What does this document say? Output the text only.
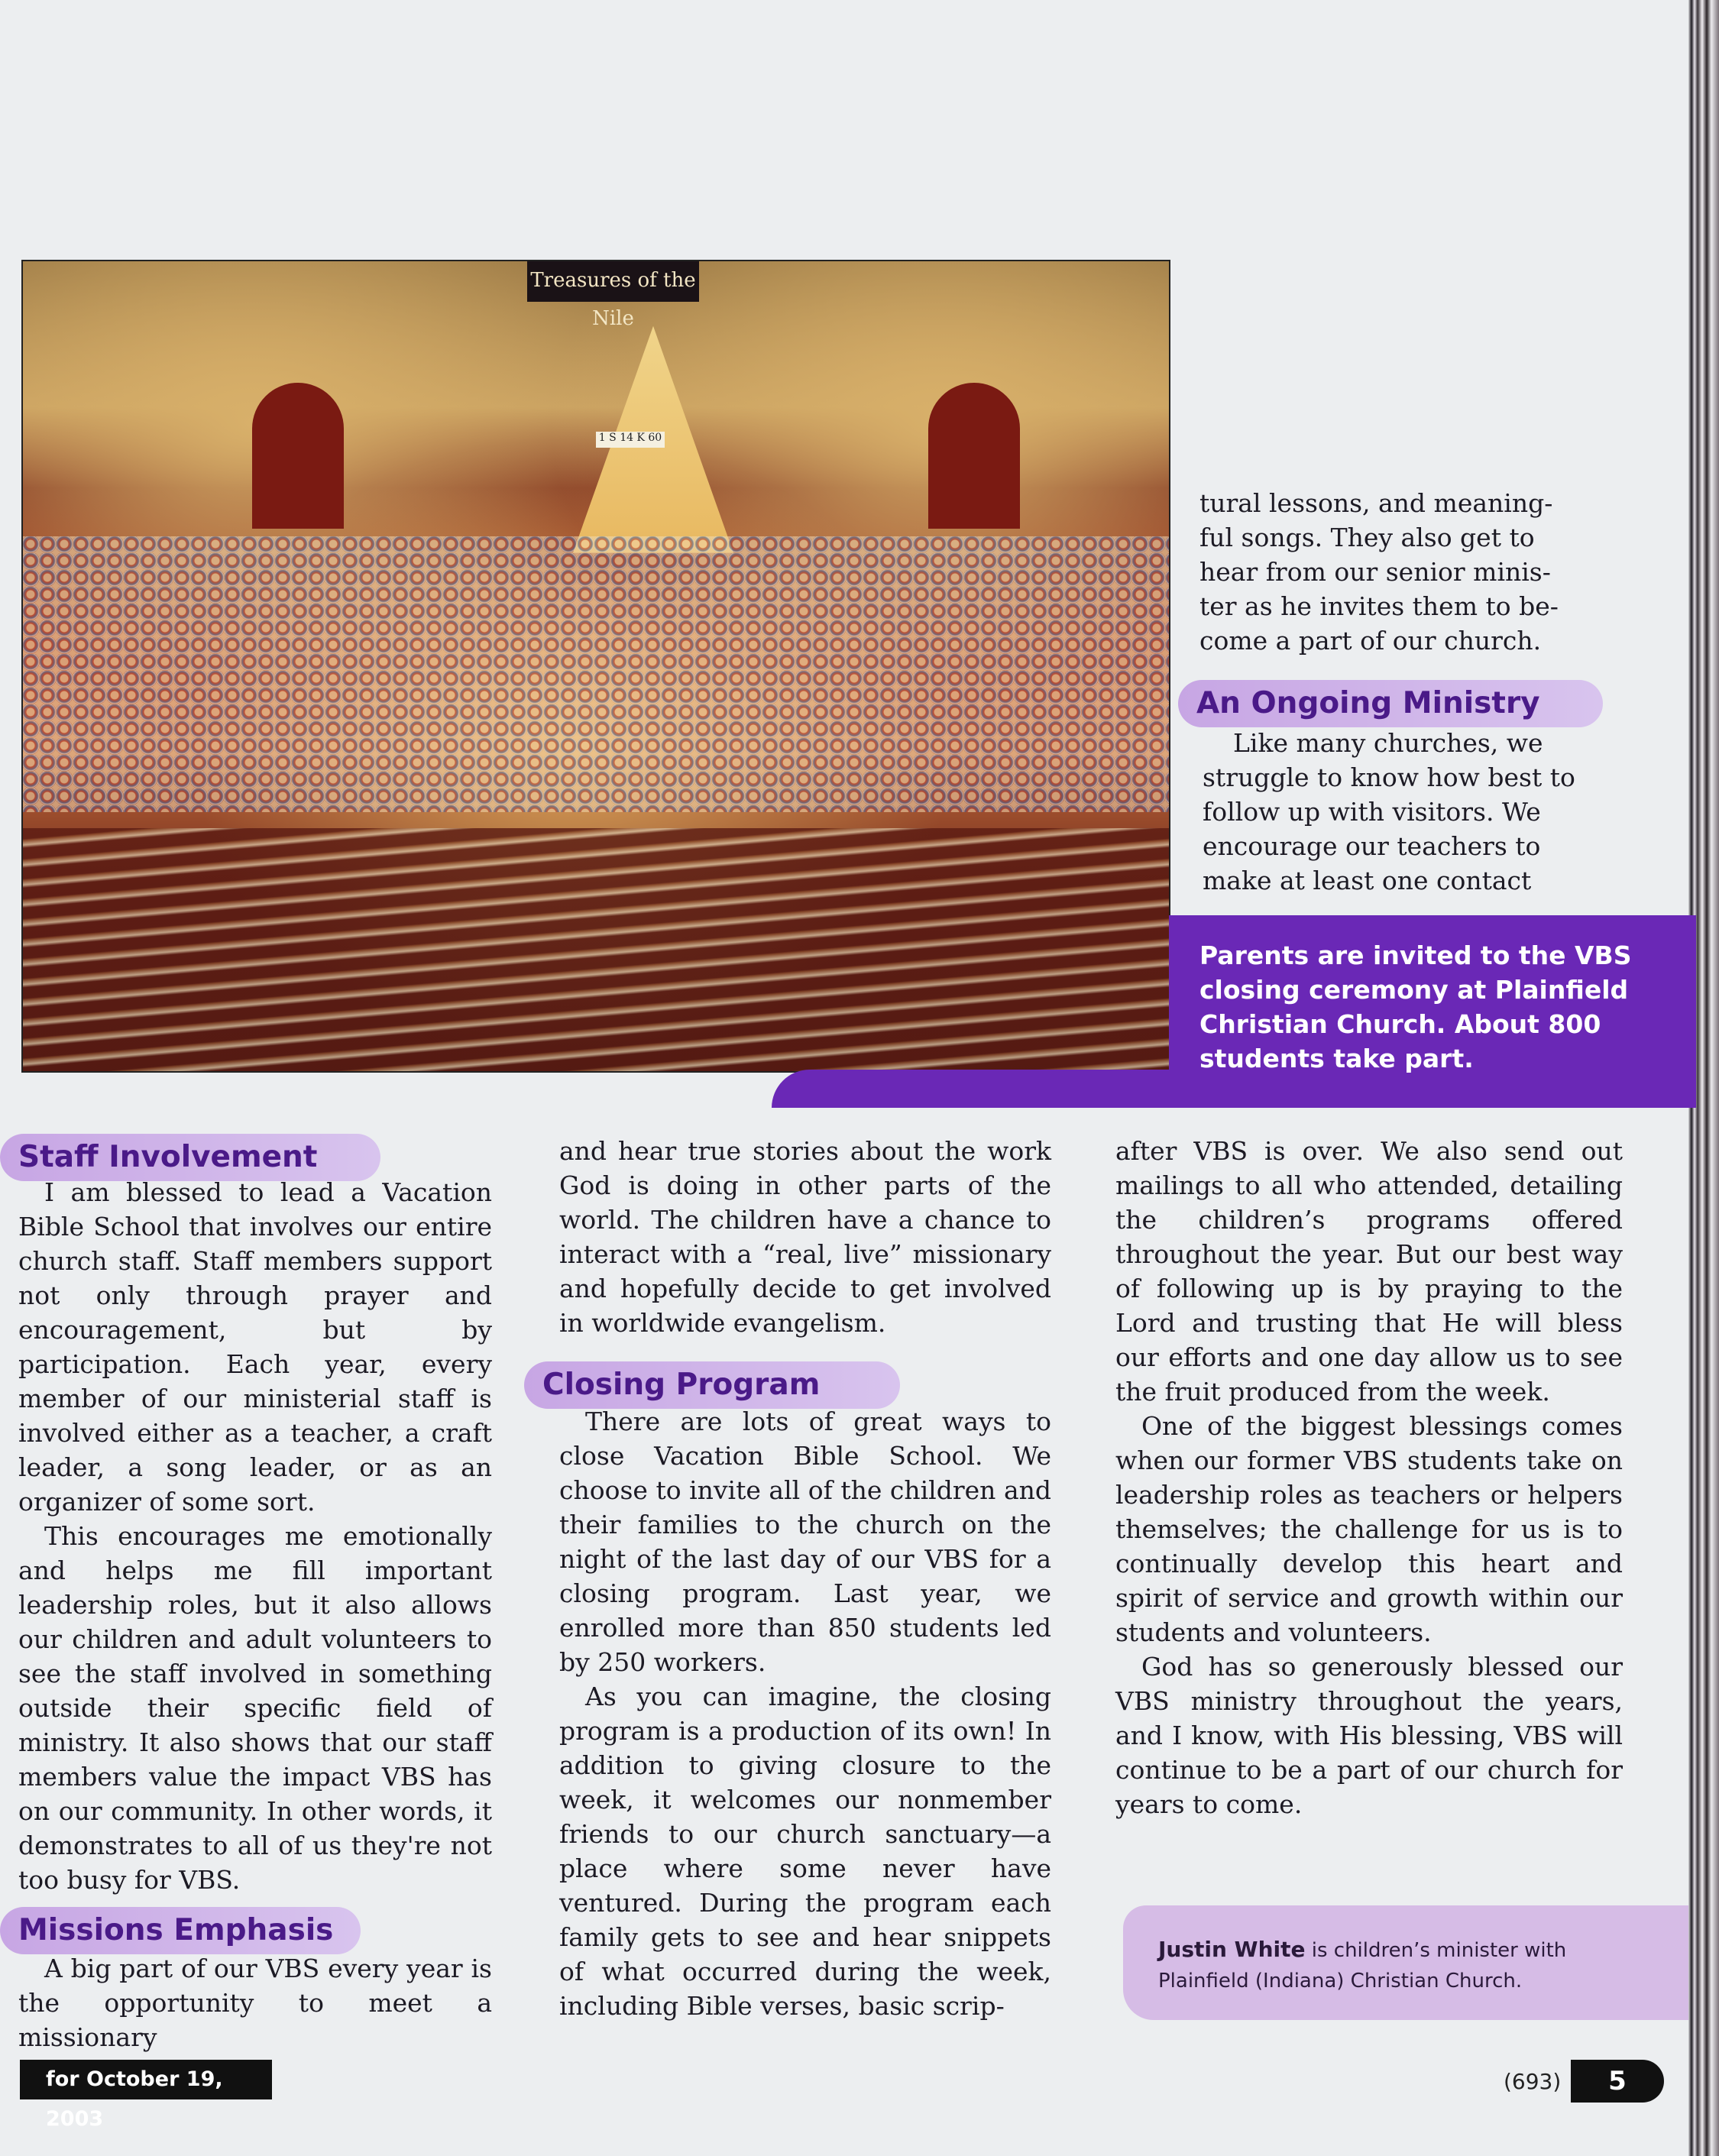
Treasures of the Nile
1 S 14 K 60
tural lessons, and meaning-
ful songs. They also get to
hear from our senior minis-
ter as he invites them to be-
come a part of our church.
An Ongoing Ministry
Like many churches, we
struggle to know how best to
follow up with visitors. We
encourage our teachers to
make at least one contact
Parents are invited to the VBS
closing ceremony at Plainfield
Christian Church. About 800
students take part.
Staff Involvement

I am blessed to lead a Vacation Bible School that involves our entire church staff. Staff members support not only through prayer and encouragement, but by participation. Each year, every member of our ministerial staff is involved either as a teacher, a craft leader, a song leader, or as an organizer of some sort.

This encourages me emotionally and helps me fill important leadership roles, but it also allows our children and adult volunteers to see the staff involved in something outside their specific field of ministry. It also shows that our staff members value the impact VBS has on our community. In other words, it demonstrates to all of us they're not too busy for VBS.

Missions Emphasis

A big part of our VBS every year is the opportunity to meet a missionary

and hear true stories about the work God is doing in other parts of the world. The children have a chance to interact with a “real, live” missionary and hopefully decide to get involved in worldwide evangelism.

Closing Program

There are lots of great ways to close Vacation Bible School. We choose to invite all of the children and their families to the church on the night of the last day of our VBS for a closing program. Last year, we enrolled more than 850 students led by 250 workers.

As you can imagine, the closing program is a production of its own! In addition to giving closure to the week, it welcomes our nonmember friends to our church sanctuary—a place where some never have ventured. During the program each family gets to see and hear snippets of what occurred during the week, including Bible verses, basic scrip-

after VBS is over. We also send out mailings to all who attended, detailing the children’s programs offered throughout the year. But our best way of following up is by praying to the Lord and trusting that He will bless our efforts and one day allow us to see the fruit produced from the week.

One of the biggest blessings comes when our former VBS students take on leadership roles as teachers or helpers themselves; the challenge for us is to continually develop this heart and spirit of service and growth within our students and volunteers.

God has so generously blessed our VBS ministry throughout the years, and I know, with His blessing, VBS will continue to be a part of our church for years to come.

Justin White is children’s minister with
Plainfield (Indiana) Christian Church.
for October 19, 2003
(693)	5
